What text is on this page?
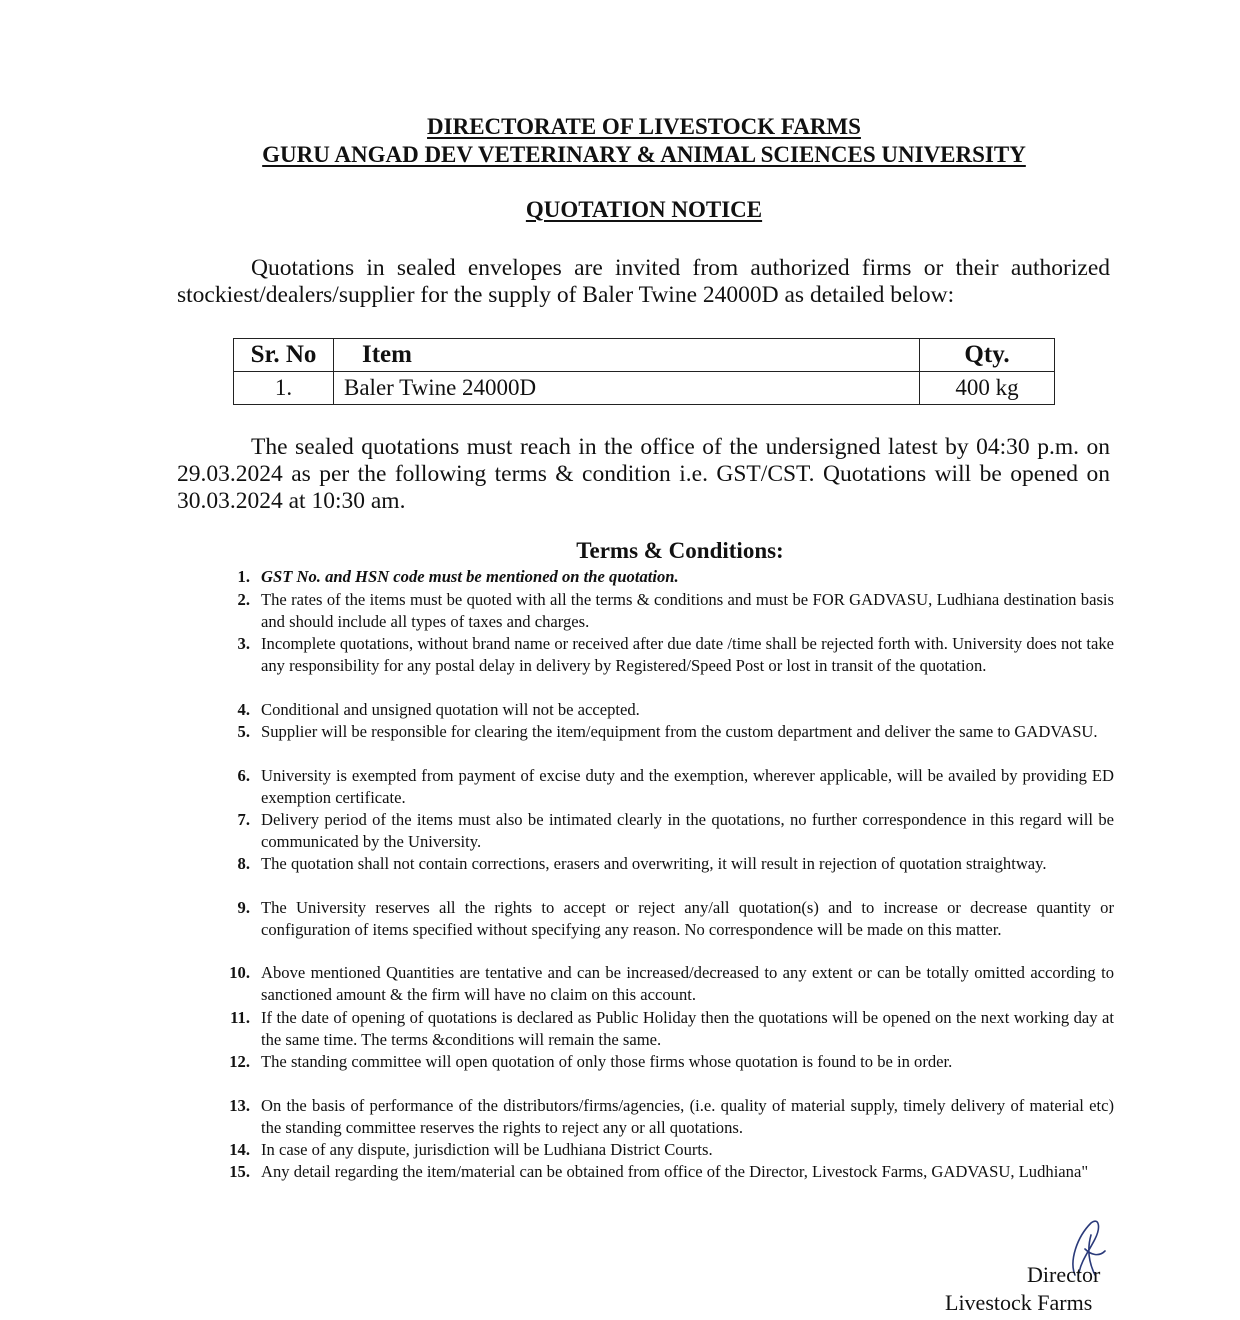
DIRECTORATE OF LIVESTOCK FARMS
GURU ANGAD DEV VETERINARY & ANIMAL SCIENCES UNIVERSITY
QUOTATION NOTICE

Quotations in sealed envelopes are invited from authorized firms or their authorized stockiest/dealers/supplier for the supply of Baler Twine 24000D as detailed below:

Sr. No	Item	Qty.
1.	Baler Twine 24000D	400 kg

The sealed quotations must reach in the office of the undersigned latest by 04:30 p.m. on 29.03.2024 as per the following terms & condition i.e. GST/CST. Quotations will be opened on 30.03.2024 at 10:30 am.

Terms & Conditions:
1. GST No. and HSN code must be mentioned on the quotation.
2. The rates of the items must be quoted with all the terms & conditions and must be FOR GADVASU, Ludhiana destination basis and should include all types of taxes and charges.
3. Incomplete quotations, without brand name or received after due date /time shall be rejected forth with. University does not take any responsibility for any postal delay in delivery by Registered/Speed Post or lost in transit of the quotation.
4. Conditional and unsigned quotation will not be accepted.
5. Supplier will be responsible for clearing the item/equipment from the custom department and deliver the same to GADVASU.
6. University is exempted from payment of excise duty and the exemption, wherever applicable, will be availed by providing ED exemption certificate.
7. Delivery period of the items must also be intimated clearly in the quotations, no further correspondence in this regard will be communicated by the University.
8. The quotation shall not contain corrections, erasers and overwriting, it will result in rejection of quotation straightway.
9. The University reserves all the rights to accept or reject any/all quotation(s) and to increase or decrease quantity or configuration of items specified without specifying any reason. No correspondence will be made on this matter.
10. Above mentioned Quantities are tentative and can be increased/decreased to any extent or can be totally omitted according to sanctioned amount & the firm will have no claim on this account.
11. If the date of opening of quotations is declared as Public Holiday then the quotations will be opened on the next working day at the same time. The terms &conditions will remain the same.
12. The standing committee will open quotation of only those firms whose quotation is found to be in order.
13. On the basis of performance of the distributors/firms/agencies, (i.e. quality of material supply, timely delivery of material etc) the standing committee reserves the rights to reject any or all quotations.
14. In case of any dispute, jurisdiction will be Ludhiana District Courts.
15. Any detail regarding the item/material can be obtained from office of the Director, Livestock Farms, GADVASU, Ludhiana"
Director
Livestock Farms
